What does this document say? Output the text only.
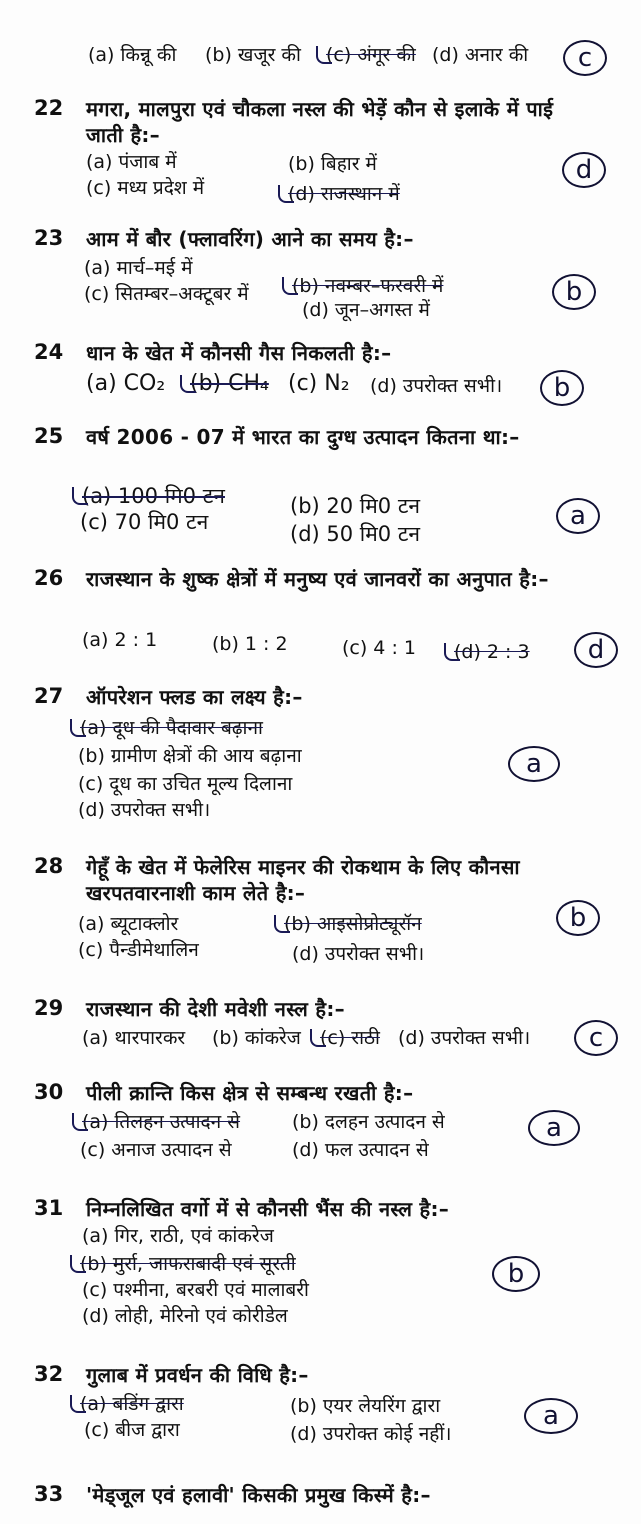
(a) किन्नू की (b) खजूर की (c) अंगूर की (d) अनार की	c
22 मगरा, मालपुरा एवं चौकला नस्ल की भेड़ें कौन से इलाके में पाई जाती है:–
(a) पंजाब में	(b) बिहार में
(c) मध्य प्रदेश में	(d) राजस्थान में
d
23 आम में बौर (फ्लावरिंग) आने का समय है:–
(a) मार्च–मई में
(b) नवम्बर–फरवरी में
(c) सितम्बर–अक्टूबर में
(d) जून–अगस्त में
b
24 धान के खेत में कौनसी गैस निकलती है:–
(a) CO₂ (b) CH₄ (c) N₂ (d) उपरोक्त सभी।	b
25 वर्ष 2006 - 07 में भारत का दुग्ध उत्पादन कितना था:–
(a) 100 मि0 टन	(b) 20 मि0 टन
(c) 70 मि0 टन	(d) 50 मि0 टन
a
26 राजस्थान के शुष्क क्षेत्रों में मनुष्य एवं जानवरों का अनुपात है:–
(a) 2 : 1	(b) 1 : 2	(c) 4 : 1 (d) 2 : 3	d
27 ऑपरेशन फ्लड का लक्ष्य है:–
(a) दूध की पैदावार बढ़ाना
(b) ग्रामीण क्षेत्रों की आय बढ़ाना
(c) दूध का उचित मूल्य दिलाना
(d) उपरोक्त सभी।
a
28 गेहूँ के खेत में फेलेरिस माइनर की रोकथाम के लिए कौनसा खरपतवारनाशी काम लेते है:–
(a) ब्यूटाक्लोर	(b) आइसोप्रोट्यूरॉन
(c) पैन्डीमेथालिन	(d) उपरोक्त सभी।
b
29 राजस्थान की देशी मवेशी नस्ल है:–
(a) थारपारकर (b) कांकरेज (c) राठी (d) उपरोक्त सभी।	c
30 पीली क्रान्ति किस क्षेत्र से सम्बन्ध रखती है:–
(a) तिलहन उत्पादन से	(b) दलहन उत्पादन से
(c) अनाज उत्पादन से	(d) फल उत्पादन से
a
31 निम्नलिखित वर्गो में से कौनसी भैंस की नस्ल है:–
(a) गिर, राठी, एवं कांकरेज
(b) मुर्रा, जाफराबादी एवं सूरती
(c) पश्मीना, बरबरी एवं मालाबरी
(d) लोही, मेरिनो एवं कोरीडेल
b
32 गुलाब में प्रवर्धन की विधि है:–
(a) बडिंग द्वारा	(b) एयर लेयरिंग द्वारा
(c) बीज द्वारा	(d) उपरोक्त कोई नहीं।
a
33 'मेड्जूल एवं हलावी' किसकी प्रमुख किस्में है:–
